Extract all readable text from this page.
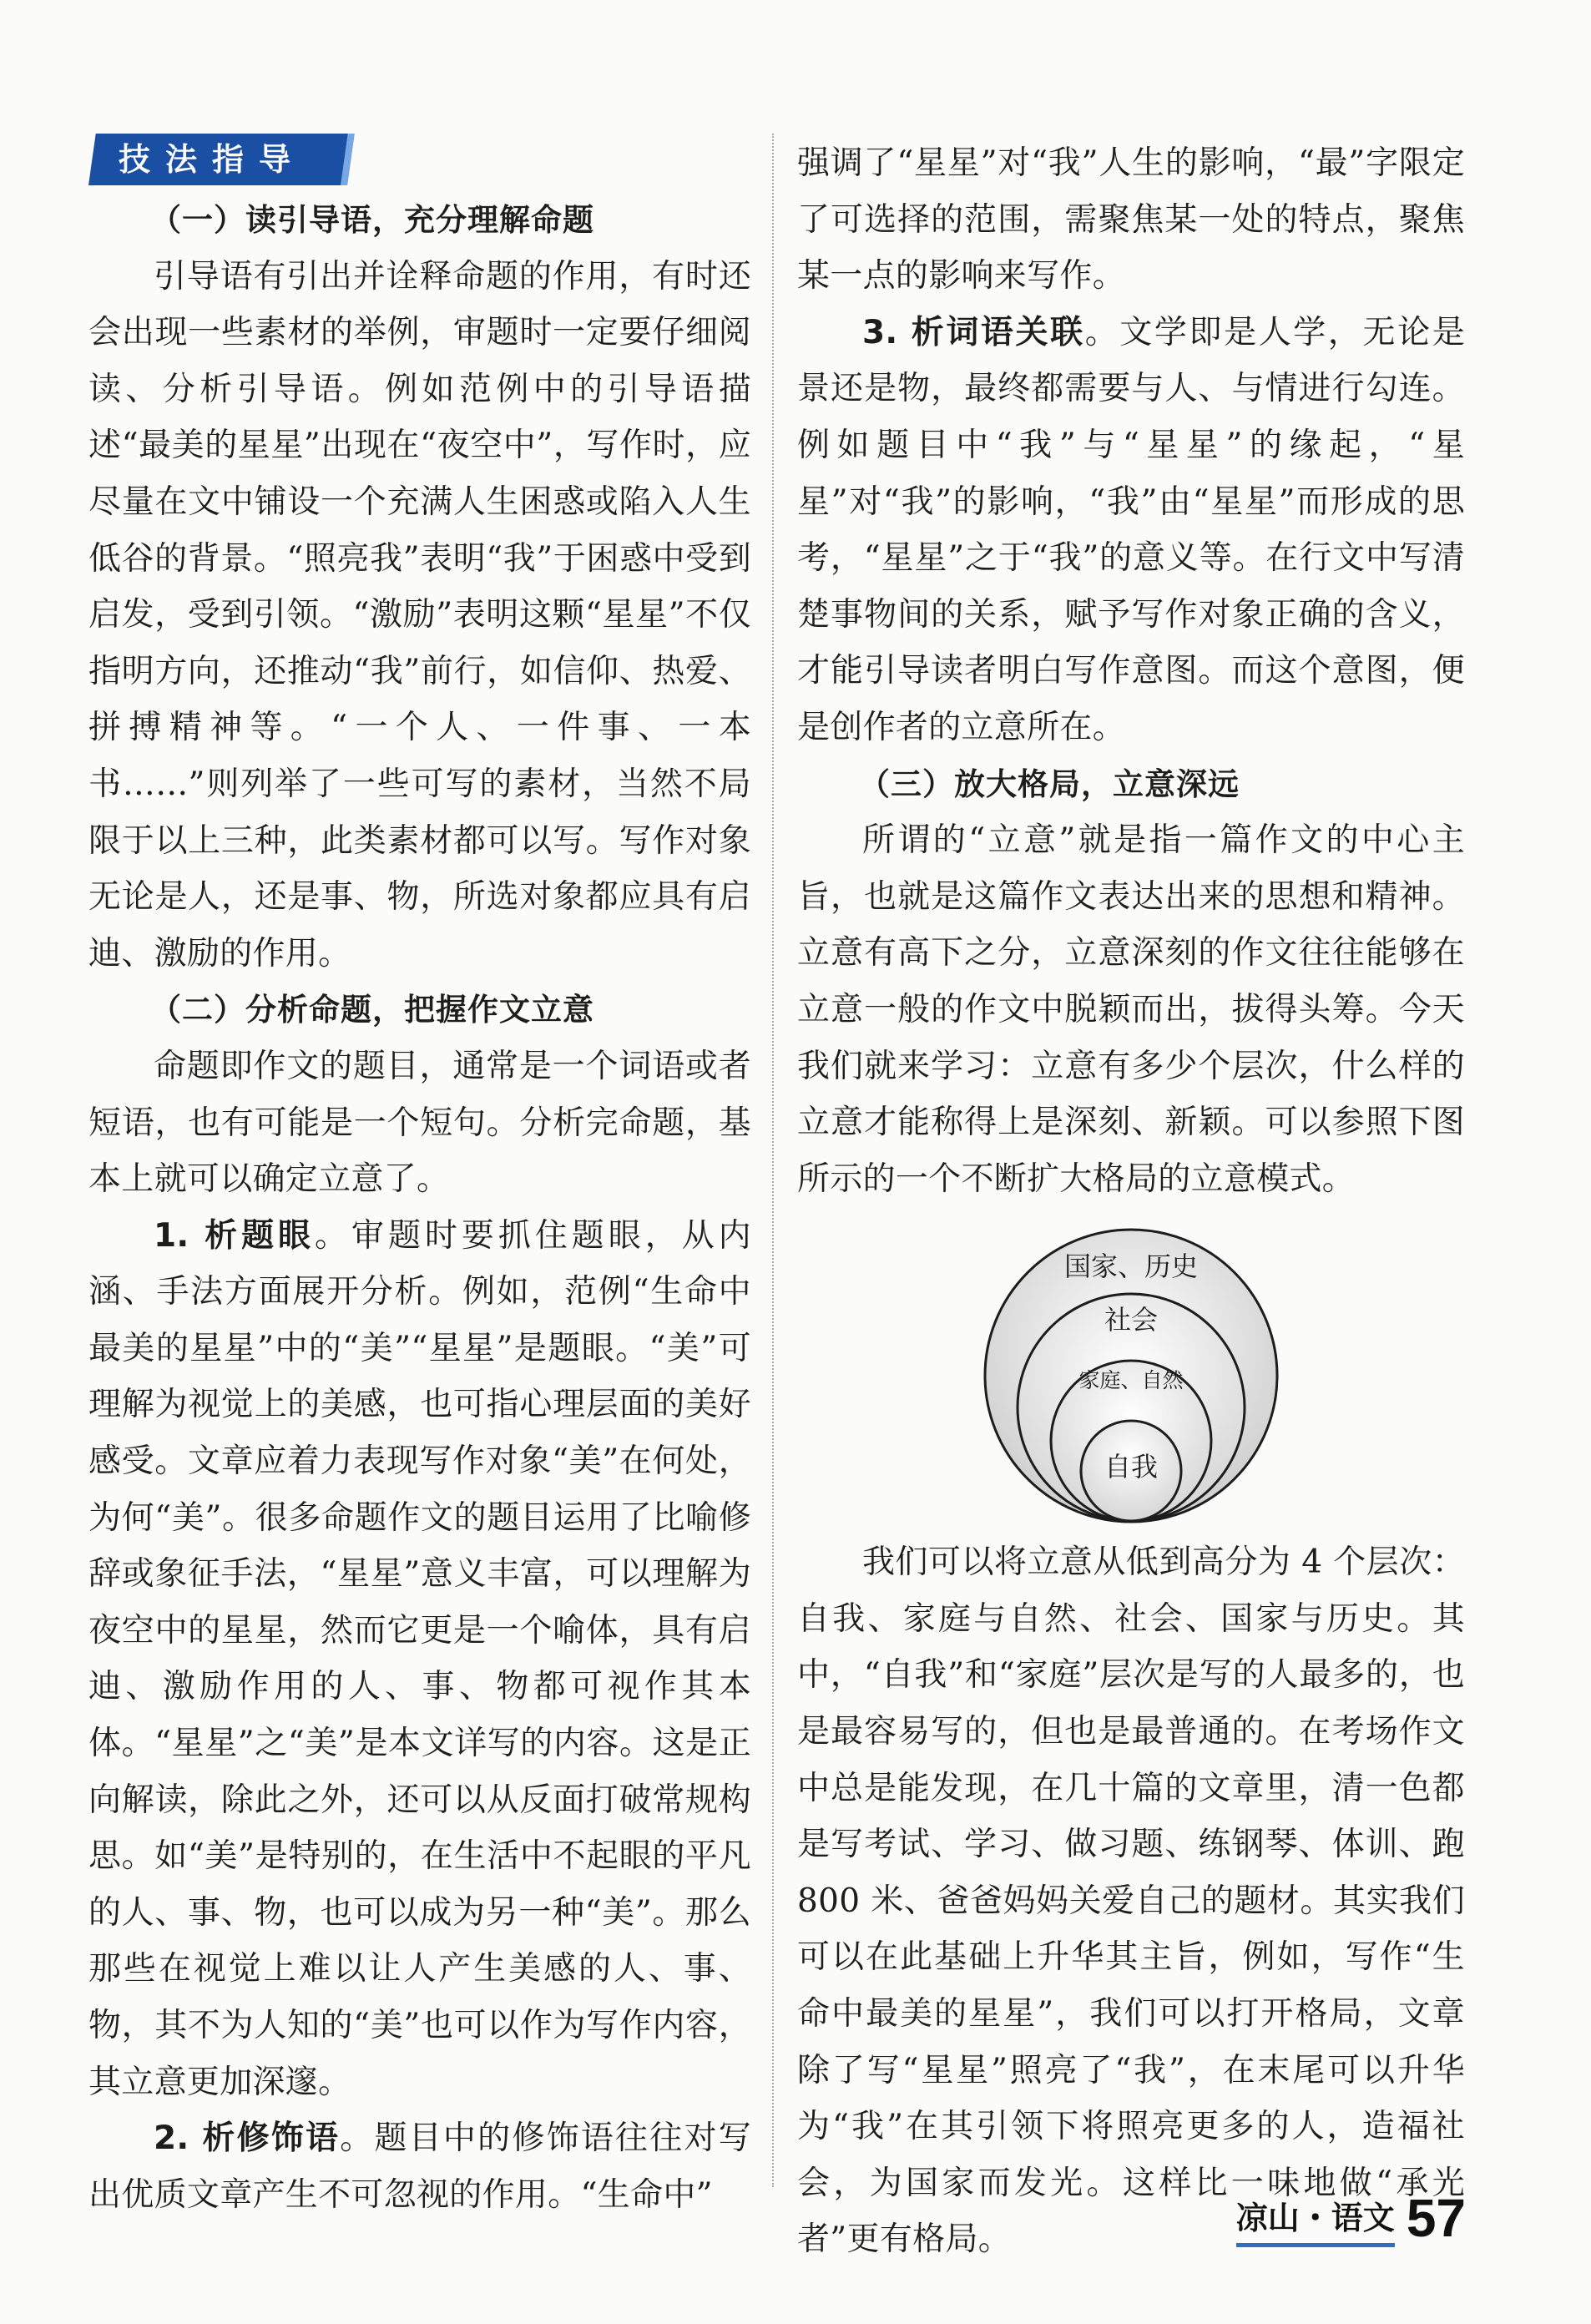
技法指导
（一）读引导语，充分理解命题

引导语有引出并诠释命题的作用，有时还会出现一些素材的举例，审题时一定要仔细阅读、分析引导语。例如范例中的引导语描述“最美的星星”出现在“夜空中”，写作时，应尽量在文中铺设一个充满人生困惑或陷入人生低谷的背景。“照亮我”表明“我”于困惑中受到启发，受到引领。“激励”表明这颗“星星”不仅指明方向，还推动“我”前行，如信仰、热爱、拼搏精神等。“一个人、一件事、一本书……”则列举了一些可写的素材，当然不局限于以上三种，此类素材都可以写。写作对象无论是人，还是事、物，所选对象都应具有启迪、激励的作用。

（二）分析命题，把握作文立意

命题即作文的题目，通常是一个词语或者短语，也有可能是一个短句。分析完命题，基本上就可以确定立意了。

1. 析题眼。审题时要抓住题眼，从内涵、手法方面展开分析。例如，范例“生命中最美的星星”中的“美”“星星”是题眼。“美”可理解为视觉上的美感，也可指心理层面的美好感受。文章应着力表现写作对象“美”在何处，为何“美”。很多命题作文的题目运用了比喻修辞或象征手法，“星星”意义丰富，可以理解为夜空中的星星，然而它更是一个喻体，具有启迪、激励作用的人、事、物都可视作其本体。“星星”之“美”是本文详写的内容。这是正向解读，除此之外，还可以从反面打破常规构思。如“美”是特别的，在生活中不起眼的平凡的人、事、物，也可以成为另一种“美”。那么那些在视觉上难以让人产生美感的人、事、物，其不为人知的“美”也可以作为写作内容，其立意更加深邃。

2. 析修饰语。题目中的修饰语往往对写出优质文章产生不可忽视的作用。“生命中”

强调了“星星”对“我”人生的影响，“最”字限定了可选择的范围，需聚焦某一处的特点，聚焦某一点的影响来写作。

3. 析词语关联。文学即是人学，无论是景还是物，最终都需要与人、与情进行勾连。例如题目中“我”与“星星”的缘起，“星星”对“我”的影响，“我”由“星星”而形成的思考，“星星”之于“我”的意义等。在行文中写清楚事物间的关系，赋予写作对象正确的含义，才能引导读者明白写作意图。而这个意图，便是创作者的立意所在。

（三）放大格局，立意深远

所谓的“立意”就是指一篇作文的中心主旨，也就是这篇作文表达出来的思想和精神。立意有高下之分，立意深刻的作文往往能够在立意一般的作文中脱颖而出，拔得头筹。今天我们就来学习：立意有多少个层次，什么样的立意才能称得上是深刻、新颖。可以参照下图所示的一个不断扩大格局的立意模式。

国家、历史
社会
家庭、自然
自我

我们可以将立意从低到高分为 4 个层次：自我、家庭与自然、社会、国家与历史。其中，“自我”和“家庭”层次是写的人最多的，也是最容易写的，但也是最普通的。在考场作文中总是能发现，在几十篇的文章里，清一色都是写考试、学习、做习题、练钢琴、体训、跑 800 米、爸爸妈妈关爱自己的题材。其实我们可以在此基础上升华其主旨，例如，写作“生命中最美的星星”，我们可以打开格局，文章除了写“星星”照亮了“我”，在末尾可以升华为“我”在其引领下将照亮更多的人，造福社会，为国家而发光。这样比一味地做“承光者”更有格局。

凉山・语文 57
